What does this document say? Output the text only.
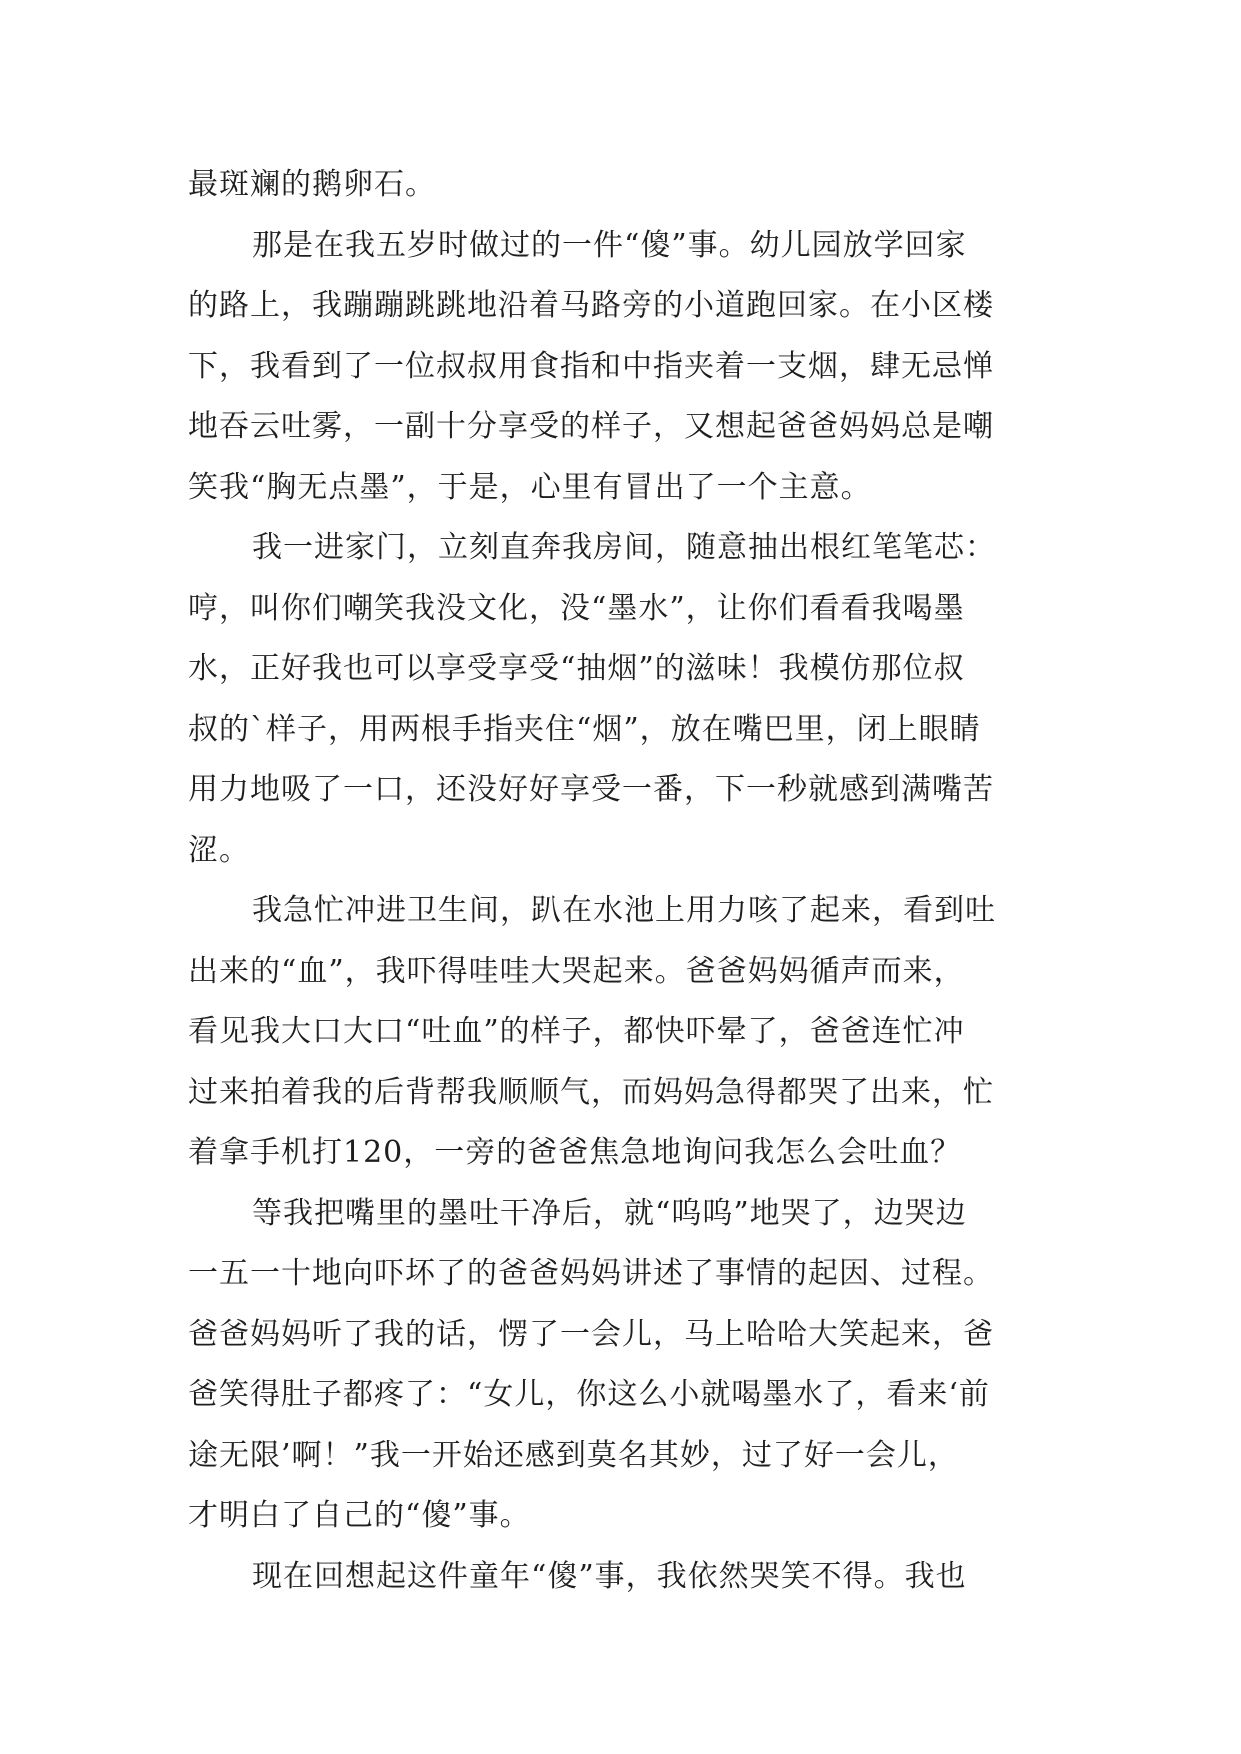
最斑斓的鹅卵石。
那是在我五岁时做过的一件“傻”事。幼儿园放学回家
的路上，我蹦蹦跳跳地沿着马路旁的小道跑回家。在小区楼
下，我看到了一位叔叔用食指和中指夹着一支烟，肆无忌惮
地吞云吐雾，一副十分享受的样子，又想起爸爸妈妈总是嘲
笑我“胸无点墨”，于是，心里有冒出了一个主意。
我一进家门，立刻直奔我房间，随意抽出根红笔笔芯：
哼，叫你们嘲笑我没文化，没“墨水”，让你们看看我喝墨
水，正好我也可以享受享受“抽烟”的滋味！我模仿那位叔
叔的`样子，用两根手指夹住“烟”，放在嘴巴里，闭上眼睛
用力地吸了一口，还没好好享受一番，下一秒就感到满嘴苦
涩。
我急忙冲进卫生间，趴在水池上用力咳了起来，看到吐
出来的“血”，我吓得哇哇大哭起来。爸爸妈妈循声而来，
看见我大口大口“吐血”的样子，都快吓晕了，爸爸连忙冲
过来拍着我的后背帮我顺顺气，而妈妈急得都哭了出来，忙
着拿手机打120，一旁的爸爸焦急地询问我怎么会吐血？
等我把嘴里的墨吐干净后，就“呜呜”地哭了，边哭边
一五一十地向吓坏了的爸爸妈妈讲述了事情的起因、过程。
爸爸妈妈听了我的话，愣了一会儿，马上哈哈大笑起来，爸
爸笑得肚子都疼了：“女儿，你这么小就喝墨水了，看来‘前
途无限’啊！”我一开始还感到莫名其妙，过了好一会儿，
才明白了自己的“傻”事。
现在回想起这件童年“傻”事，我依然哭笑不得。我也
